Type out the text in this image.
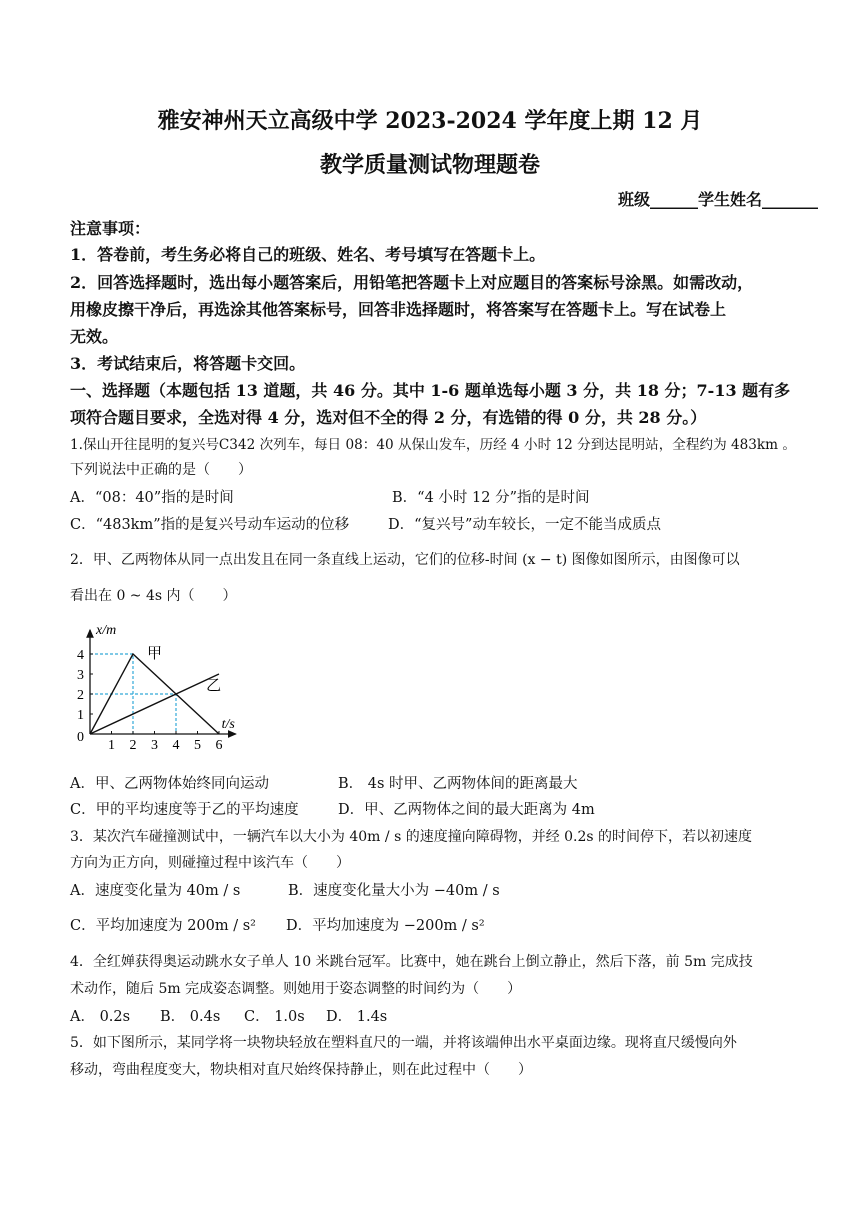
雅安神州天立高级中学 2023-2024 学年度上期 12 月
教学质量测试物理题卷
班级______学生姓名_______
注意事项：
1．答卷前，考生务必将自己的班级、姓名、考号填写在答题卡上。
2．回答选择题时，选出每小题答案后，用铅笔把答题卡上对应题目的答案标号涂黑。如需改动，
用橡皮擦干净后，再选涂其他答案标号，回答非选择题时，将答案写在答题卡上。写在试卷上
无效。
3．考试结束后，将答题卡交回。
一、选择题（本题包括 13 道题，共 46 分。其中 1-6 题单选每小题 3 分，共 18 分；7-13 题有多
项符合题目要求，全选对得 4 分，选对但不全的得 2 分，有选错的得 0 分，共 28 分。）
1.保山开往昆明的复兴号C342 次列车，每日 08：40 从保山发车，历经 4 小时 12 分到达昆明站，全程约为 483km 。
下列说法中正确的是（　　）
A．“08：40”指的是时间	B．“4 小时 12 分”指的是时间
C．“483km”指的是复兴号动车运动的位移	D．“复兴号”动车较长，一定不能当成质点
2．甲、乙两物体从同一点出发且在同一条直线上运动，它们的位移-时间 (x − t) 图像如图所示，由图像可以
看出在 0 ~ 4s 内（　　）
1 2 3 4 5 6
1
2
3
4
0
x/m
t/s
甲
乙
A．甲、乙两物体始终同向运动	B． 4s 时甲、乙两物体间的距离最大
C．甲的平均速度等于乙的平均速度	D．甲、乙两物体之间的最大距离为 4m
3．某次汽车碰撞测试中，一辆汽车以大小为 40m / s 的速度撞向障碍物，并经 0.2s 的时间停下，若以初速度
方向为正方向，则碰撞过程中该汽车（　　）
A．速度变化量为 40m / s	B．速度变化量大小为 −40m / s
C．平均加速度为 200m / s² D．平均加速度为 −200m / s²
4．全红婵获得奥运动跳水女子单人 10 米跳台冠军。比赛中，她在跳台上倒立静止，然后下落，前 5m 完成技
术动作，随后 5m 完成姿态调整。则她用于姿态调整的时间约为（　　）
A． 0.2s B． 0.4s C． 1.0s D． 1.4s
5．如下图所示，某同学将一块物块轻放在塑料直尺的一端，并将该端伸出水平桌面边缘。现将直尺缓慢向外
移动，弯曲程度变大，物块相对直尺始终保持静止，则在此过程中（　　）
